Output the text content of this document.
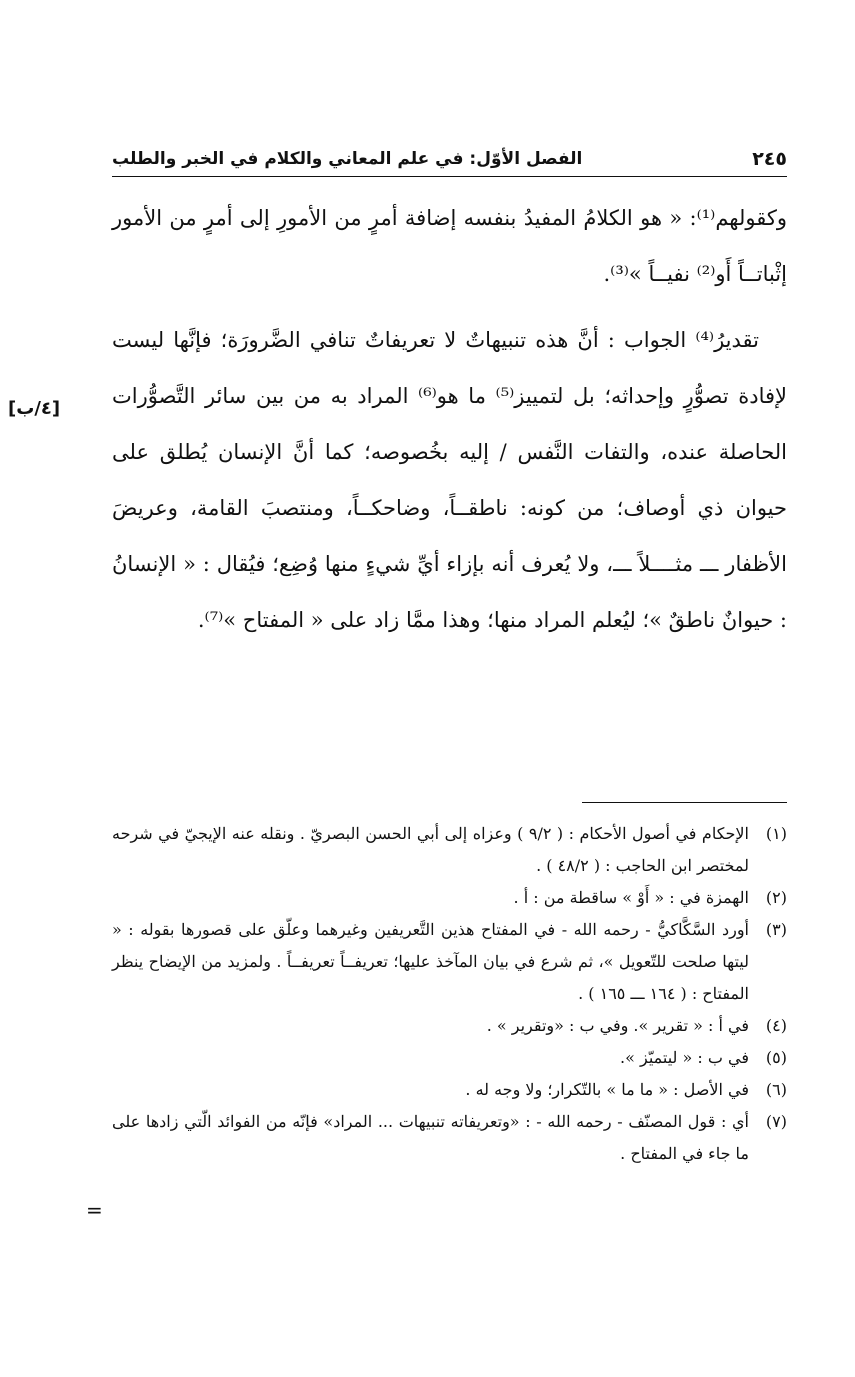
الفصل الأوّل: في علم المعاني والكلام في الخبر والطلب	٢٤٥

وكقولهم⁽¹⁾: « هو الكلامُ المفيدُ بنفسه إضافة أمرٍ من الأمورِ إلى أمرٍ من الأمور إثْباتــاً أَو⁽²⁾ نفيــاً »⁽³⁾.

تقديرُ⁽⁴⁾ الجواب : أنَّ هذه تنبيهاتٌ لا تعريفاتٌ تنافي الضَّرورَة؛ فإنَّها ليست لإفادة تصوُّرٍ وإحداثه؛ بل لتمييز⁽⁵⁾ ما هو⁽⁶⁾ المراد به من بين سائر التَّصوُّرات الحاصلة عنده، والتفات النَّفس / إليه بخُصوصه؛ كما أنَّ الإنسان يُطلق على حيوان ذي أوصاف؛ من كونه: ناطقــاً، وضاحكــاً، ومنتصبَ القامة، وعريضَ الأظفار ـــ مثــــلاً ـــ، ولا يُعرف أنه بإزاء أيِّ شيءٍ منها وُضِع؛ فيُقال : « الإنسانُ : حيوانٌ ناطقٌ »؛ ليُعلم المراد منها؛ وهذا ممَّا زاد على « المفتاح »⁽⁷⁾.

[٤/ب]
(١)
الإحكام في أصول الأحكام : ( ٩/٢ ) وعزاه إلى أبي الحسن البصريّ . ونقله عنه الإيجيّ في شرحه لمختصر ابن الحاجب : ( ٤٨/٢ ) .
(٢)
الهمزة في : « أَوْ » ساقطة من : أ .
(٣)
أورد السَّكَّاكيُّ - رحمه الله - في المفتاح هذين التَّعريفين وغيرهما وعلّق على قصورها بقوله : « ليتها صلحت للتّعويل »، ثم شرع في بيان المآخذ عليها؛ تعريفــاً تعريفــاً . ولمزيد من الإيضاح ينظر المفتاح : ( ١٦٤ ـــ ١٦٥ ) .
(٤)
في أ : « تقرير ». وفي ب : «وتقرير » .
(٥)
في ب : « ليتميّز ».
(٦)
في الأصل : « ما ما » بالتّكرار؛ ولا وجه له .
(٧)
أي : قول المصنّف - رحمه الله - : «وتعريفاته تنبيهات ... المراد» فإنّه من الفوائد الّتي زادها على ما جاء في المفتاح .
=
